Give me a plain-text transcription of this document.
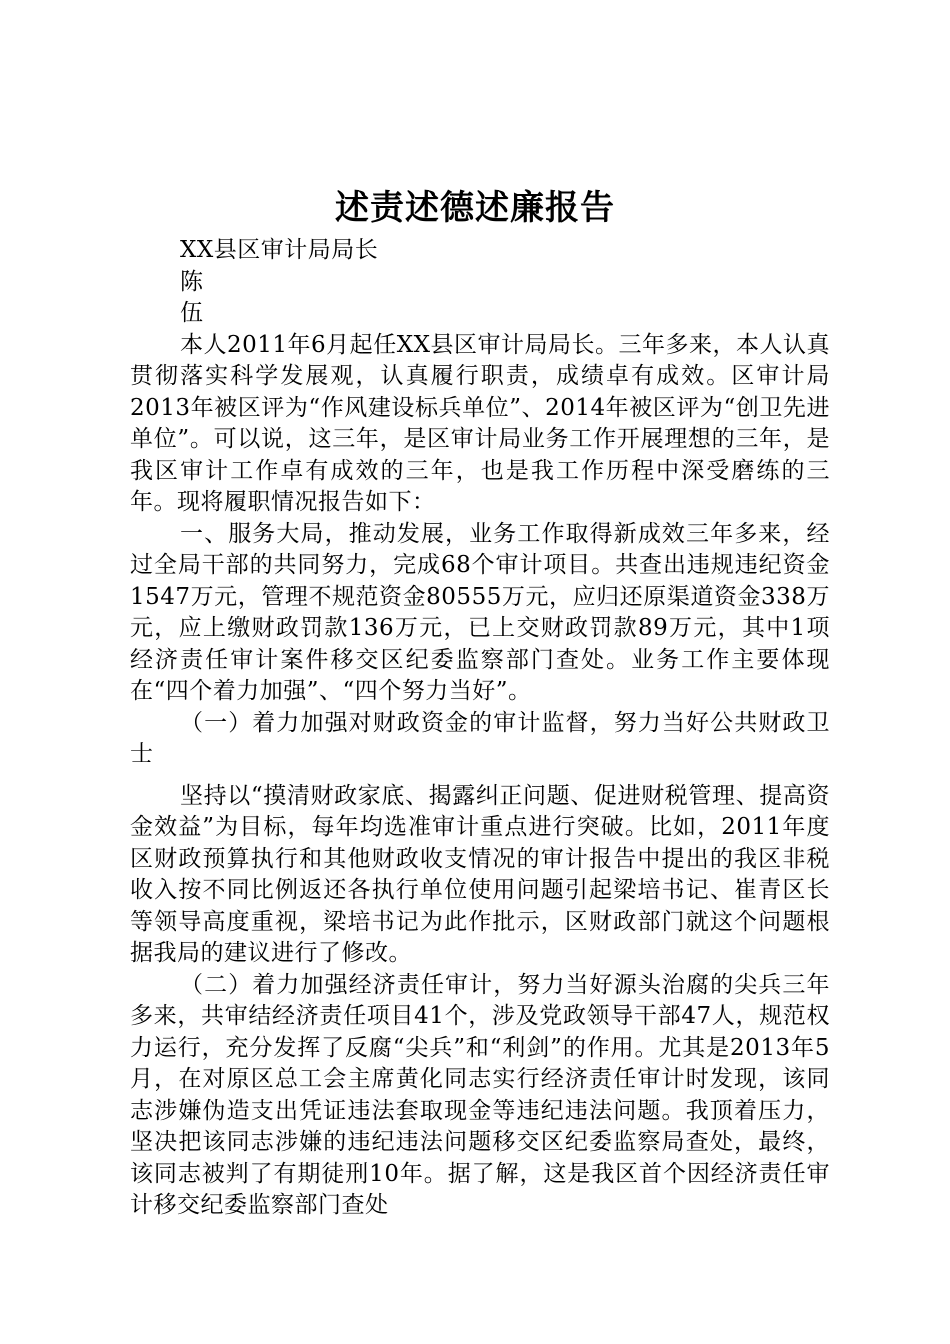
述责述德述廉报告

XX县区审计局局长

陈

伍

本人2011年6月起任XX县区审计局局长。三年多来，本人认真贯彻落实科学发展观，认真履行职责，成绩卓有成效。区审计局2013年被区评为“作风建设标兵单位”、2014年被区评为“创卫先进单位”。可以说，这三年，是区审计局业务工作开展理想的三年，是我区审计工作卓有成效的三年，也是我工作历程中深受磨练的三年。现将履职情况报告如下：

一、服务大局，推动发展，业务工作取得新成效三年多来，经过全局干部的共同努力，完成68个审计项目。共查出违规违纪资金1547万元，管理不规范资金80555万元，应归还原渠道资金338万元，应上缴财政罚款136万元，已上交财政罚款89万元，其中1项经济责任审计案件移交区纪委监察部门查处。业务工作主要体现在“四个着力加强”、“四个努力当好”。

（一）着力加强对财政资金的审计监督，努力当好公共财政卫士

坚持以“摸清财政家底、揭露纠正问题、促进财税管理、提高资金效益”为目标，每年均选准审计重点进行突破。比如，2011年度区财政预算执行和其他财政收支情况的审计报告中提出的我区非税收入按不同比例返还各执行单位使用问题引起梁培书记、崔青区长等领导高度重视，梁培书记为此作批示，区财政部门就这个问题根据我局的建议进行了修改。

（二）着力加强经济责任审计，努力当好源头治腐的尖兵三年多来，共审结经济责任项目41个，涉及党政领导干部47人，规范权力运行，充分发挥了反腐“尖兵”和“利剑”的作用。尤其是2013年5月，在对原区总工会主席黄化同志实行经济责任审计时发现，该同志涉嫌伪造支出凭证违法套取现金等违纪违法问题。我顶着压力，坚决把该同志涉嫌的违纪违法问题移交区纪委监察局查处，最终，该同志被判了有期徒刑10年。据了解，这是我区首个因经济责任审计移交纪委监察部门查处
